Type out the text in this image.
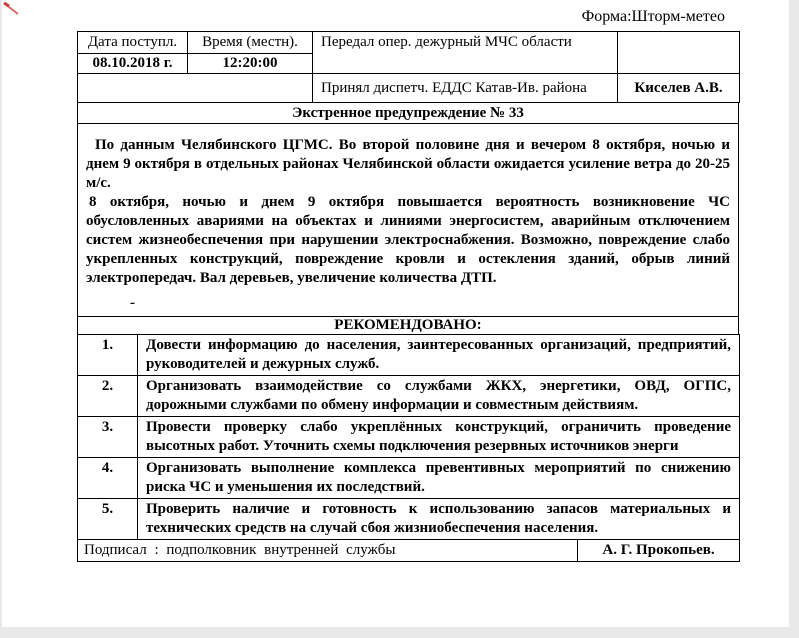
Форма:Шторм-метео
Дата поступл.	Время (местн).	Передал опер. дежурный МЧС области	
08.10.2018 г.	12:20:00		
		Принял диспетч. ЕДДС Катав-Ив. района	Киселев А.В.
Экстренное предупреждение № 33

По данным Челябинского ЦГМС. Во второй половине дня и вечером 8 октября, ночью и днем 9 октября в отдельных районах Челябинской области ожидается усиление ветра до 20-25 м/с.

8 октября, ночью и днем 9 октября повышается вероятность возникновение ЧС обусловленных авариями на объектах и линиями энергосистем, аварийным отключением систем жизнеобеспечения при нарушении электроснабжения. Возможно, повреждение слабо укрепленных конструкций, повреждение кровли и остекления зданий, обрыв линий электропередач. Вал деревьев, увеличение количества ДТП.

-
РЕКОМЕНДОВАНО:
1.	Довести информацию до населения, заинтересованных организаций, предприятий, руководителей и дежурных служб.
2.	Организовать взаимодействие со службами ЖКХ, энергетики, ОВД, ОГПС, дорожными службами по обмену информации и совместным действиям.
3.	Провести проверку слабо укреплённых конструкций, ограничить проведение высотных работ. Уточнить схемы подключения резервных источников энерги
4.	Организовать выполнение комплекса превентивных мероприятий по снижению риска ЧС и уменьшения их последствий.
5.	Проверить наличие и готовность к использованию запасов материальных и технических средств на случай сбоя жизниобеспечения населения.
Подписал : подполковник внутренней службы	А. Г. Прокопьев.
